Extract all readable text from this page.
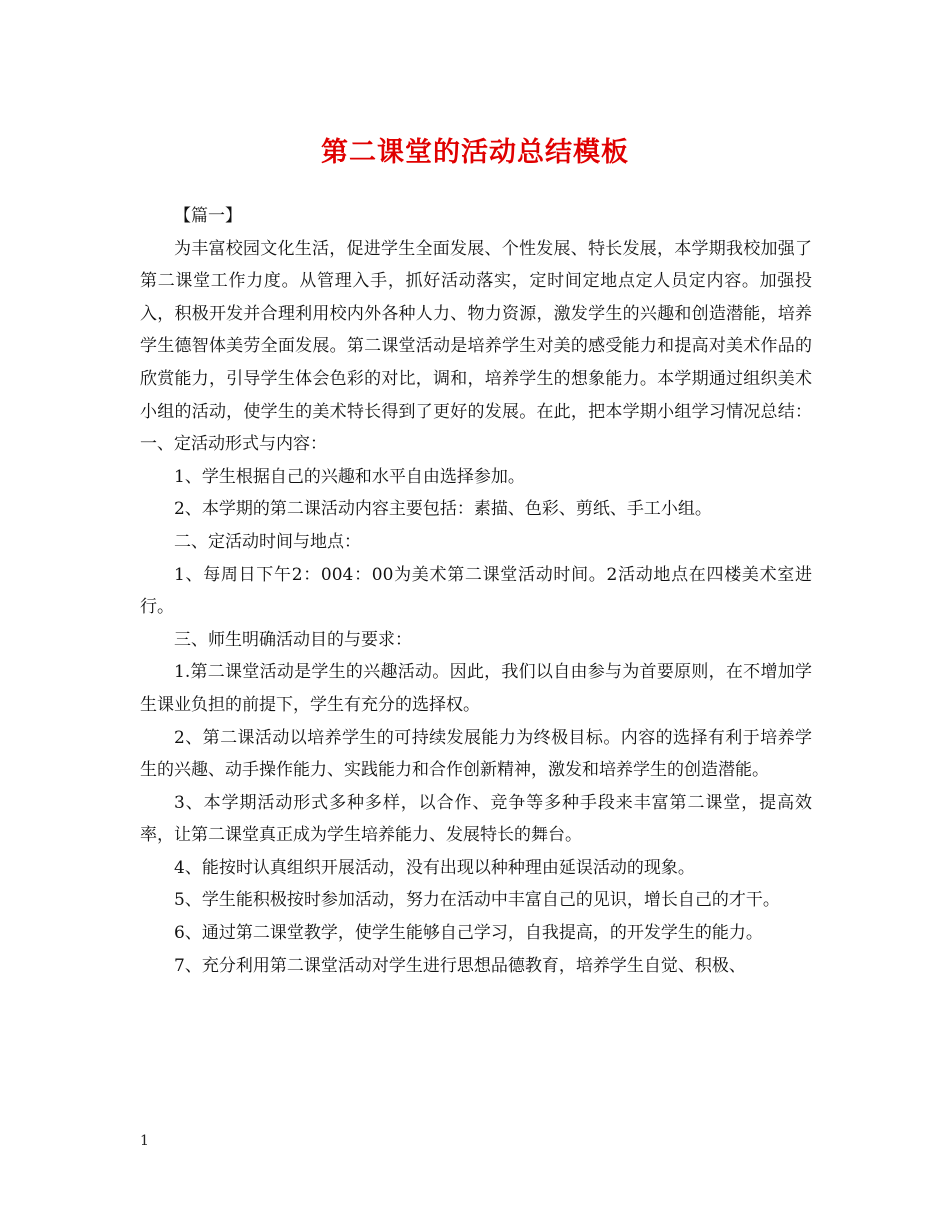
第二课堂的活动总结模板

【篇一】

为丰富校园文化生活，促进学生全面发展、个性发展、特长发展，本学期我校加强了第二课堂工作力度。从管理入手，抓好活动落实，定时间定地点定人员定内容。加强投入，积极开发并合理利用校内外各种人力、物力资源，激发学生的兴趣和创造潜能，培养学生德智体美劳全面发展。第二课堂活动是培养学生对美的感受能力和提高对美术作品的欣赏能力，引导学生体会色彩的对比，调和，培养学生的想象能力。本学期通过组织美术小组的活动，使学生的美术特长得到了更好的发展。在此，把本学期小组学习情况总结：一、定活动形式与内容：

1、学生根据自己的兴趣和水平自由选择参加。

2、本学期的第二课活动内容主要包括：素描、色彩、剪纸、手工小组。

二、定活动时间与地点：

1、每周日下午2：004：00为美术第二课堂活动时间。2活动地点在四楼美术室进行。

三、师生明确活动目的与要求：

1.第二课堂活动是学生的兴趣活动。因此，我们以自由参与为首要原则，在不增加学生课业负担的前提下，学生有充分的选择权。

2、第二课活动以培养学生的可持续发展能力为终极目标。内容的选择有利于培养学生的兴趣、动手操作能力、实践能力和合作创新精神，激发和培养学生的创造潜能。

3、本学期活动形式多种多样，以合作、竞争等多种手段来丰富第二课堂，提高效率，让第二课堂真正成为学生培养能力、发展特长的舞台。

4、能按时认真组织开展活动，没有出现以种种理由延误活动的现象。

5、学生能积极按时参加活动，努力在活动中丰富自己的见识，增长自己的才干。

6、通过第二课堂教学，使学生能够自己学习，自我提高，的开发学生的能力。

7、充分利用第二课堂活动对学生进行思想品德教育，培养学生自觉、积极、

1
